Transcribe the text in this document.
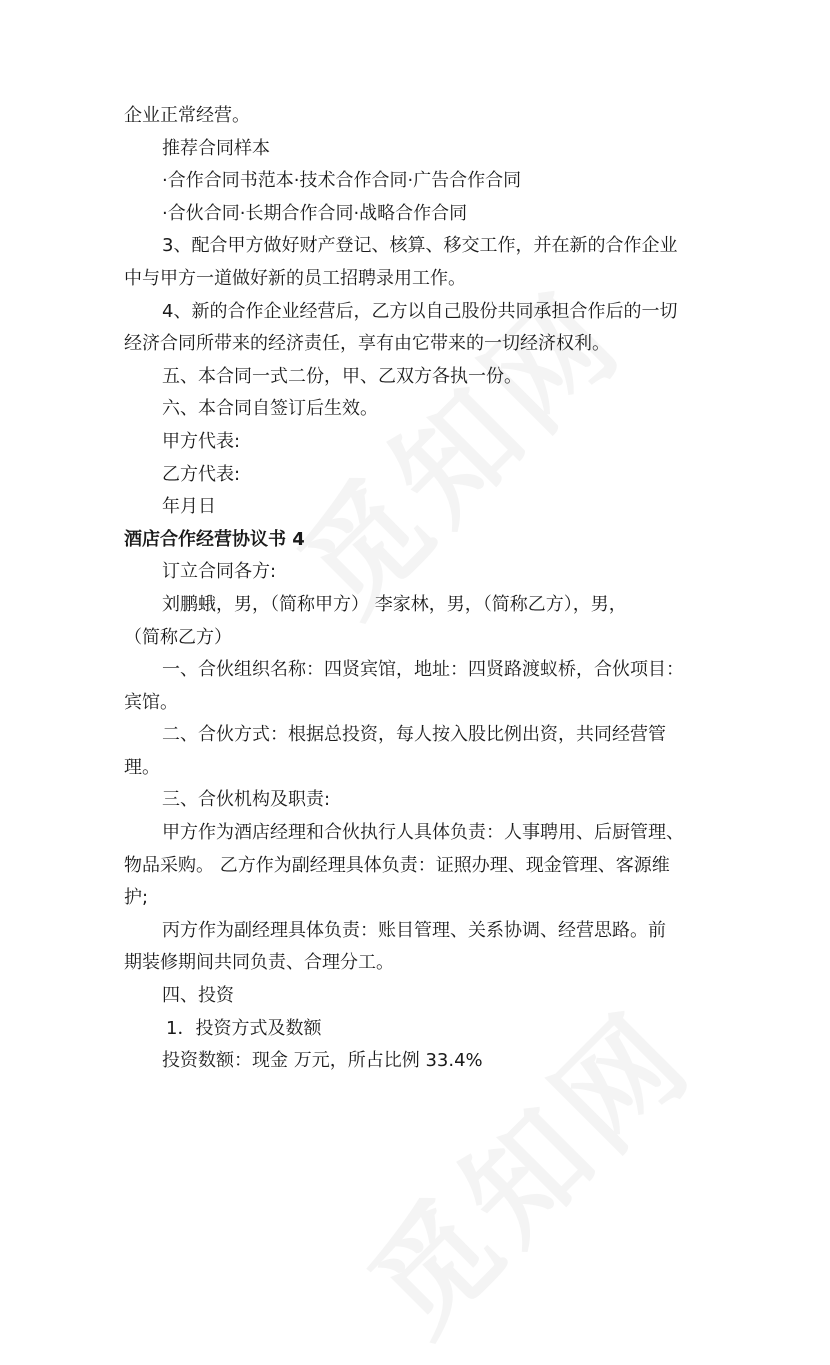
企业正常经营。

推荐合同样本

·合作合同书范本·技术合作合同·广告合作合同

·合伙合同·长期合作合同·战略合作合同

3、配合甲方做好财产登记、核算、移交工作，并在新的合作企业

中与甲方一道做好新的员工招聘录用工作。

4、新的合作企业经营后，乙方以自己股份共同承担合作后的一切

经济合同所带来的经济责任，享有由它带来的一切经济权利。

五、本合同一式二份，甲、乙双方各执一份。

六、本合同自签订后生效。

甲方代表:

乙方代表:

年月日

酒店合作经营协议书 4

订立合同各方:

刘鹏蛾，男，（简称甲方） 李家林，男，（简称乙方），男，

（简称乙方）

一、合伙组织名称：四贤宾馆，地址：四贤路渡蚁桥，合伙项目：

宾馆。

二、合伙方式：根据总投资，每人按入股比例出资，共同经营管

理。

三、合伙机构及职责:

甲方作为酒店经理和合伙执行人具体负责：人事聘用、后厨管理、

物品采购。 乙方作为副经理具体负责：证照办理、现金管理、客源维

护;

丙方作为副经理具体负责：账目管理、关系协调、经营思路。前

期装修期间共同负责、合理分工。

四、投资

1．投资方式及数额

投资数额：现金 万元，所占比例 33.4%
